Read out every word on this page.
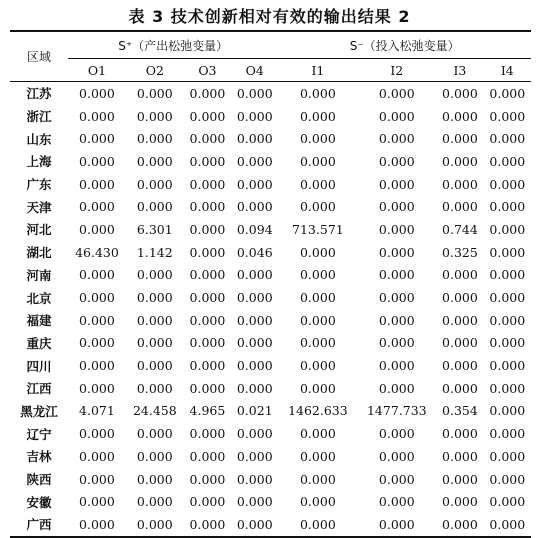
表 3 技术创新相对有效的输出结果 2
区域	S⁺（产出松弛变量）				S⁻（投入松弛变量）			
	O1	O2	O3	O4	I1	I2	I3	I4
江苏	0.000	0.000	0.000	0.000	0.000	0.000	0.000	0.000
浙江	0.000	0.000	0.000	0.000	0.000	0.000	0.000	0.000
山东	0.000	0.000	0.000	0.000	0.000	0.000	0.000	0.000
上海	0.000	0.000	0.000	0.000	0.000	0.000	0.000	0.000
广东	0.000	0.000	0.000	0.000	0.000	0.000	0.000	0.000
天津	0.000	0.000	0.000	0.000	0.000	0.000	0.000	0.000
河北	0.000	6.301	0.000	0.094	713.571	0.000	0.744	0.000
湖北	46.430	1.142	0.000	0.046	0.000	0.000	0.325	0.000
河南	0.000	0.000	0.000	0.000	0.000	0.000	0.000	0.000
北京	0.000	0.000	0.000	0.000	0.000	0.000	0.000	0.000
福建	0.000	0.000	0.000	0.000	0.000	0.000	0.000	0.000
重庆	0.000	0.000	0.000	0.000	0.000	0.000	0.000	0.000
四川	0.000	0.000	0.000	0.000	0.000	0.000	0.000	0.000
江西	0.000	0.000	0.000	0.000	0.000	0.000	0.000	0.000
黑龙江	4.071	24.458	4.965	0.021	1462.633	1477.733	0.354	0.000
辽宁	0.000	0.000	0.000	0.000	0.000	0.000	0.000	0.000
吉林	0.000	0.000	0.000	0.000	0.000	0.000	0.000	0.000
陕西	0.000	0.000	0.000	0.000	0.000	0.000	0.000	0.000
安徽	0.000	0.000	0.000	0.000	0.000	0.000	0.000	0.000
广西	0.000	0.000	0.000	0.000	0.000	0.000	0.000	0.000
